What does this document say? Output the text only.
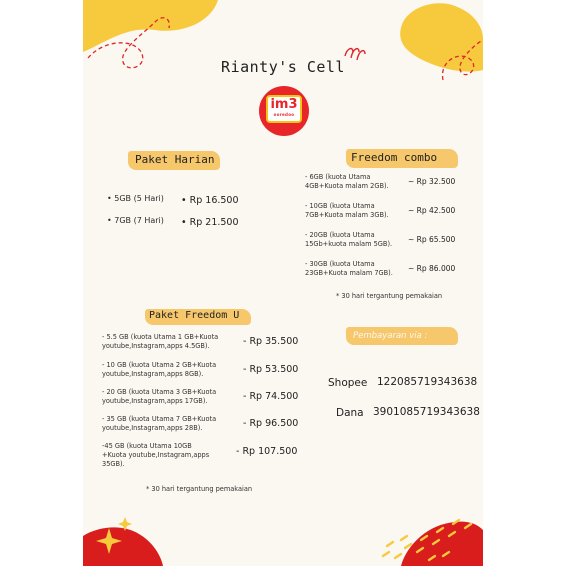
Rianty's Cell
im3
ooredoo
Paket Harian
• 5GB (5 Hari) • Rp 16.500
• 7GB (7 Hari) • Rp 21.500
Freedom combo
- 6GB (kuota Utama
4GB+Kuota malam 2GB).	~ Rp 32.500
- 10GB (kuota Utama
7GB+Kuota malam 3GB).	~ Rp 42.500
- 20GB (kuota Utama
15Gb+kuota malam 5GB). ~ Rp 65.500
- 30GB (kuota Utama
23GB+Kuota malam 7GB). ~ Rp 86.000
* 30 hari tergantung pemakaian
Paket Freedom U
- 5.5 GB (kuota Utama 1 GB+Kuota
youtube,Instagram,apps 4.5GB).	- Rp 35.500
- 10 GB (kuota Utama 2 GB+Kuota
youtube,Instagram,apps 8GB).	- Rp 53.500
- 20 GB (kuota Utama 3 GB+Kuota
youtube,Instagram,apps 17GB).	- Rp 74.500
- 35 GB (kuota Utama 7 GB+Kuota
youtube,Instagram,apps 28B).	- Rp 96.500
-45 GB (kuota Utama 10GB
+Kuota youtube,Instagram,apps
35GB).
- Rp 107.500
* 30 hari tergantung pemakaian
Pembayaran via :
Shopee 122085719343638
Dana 3901085719343638
